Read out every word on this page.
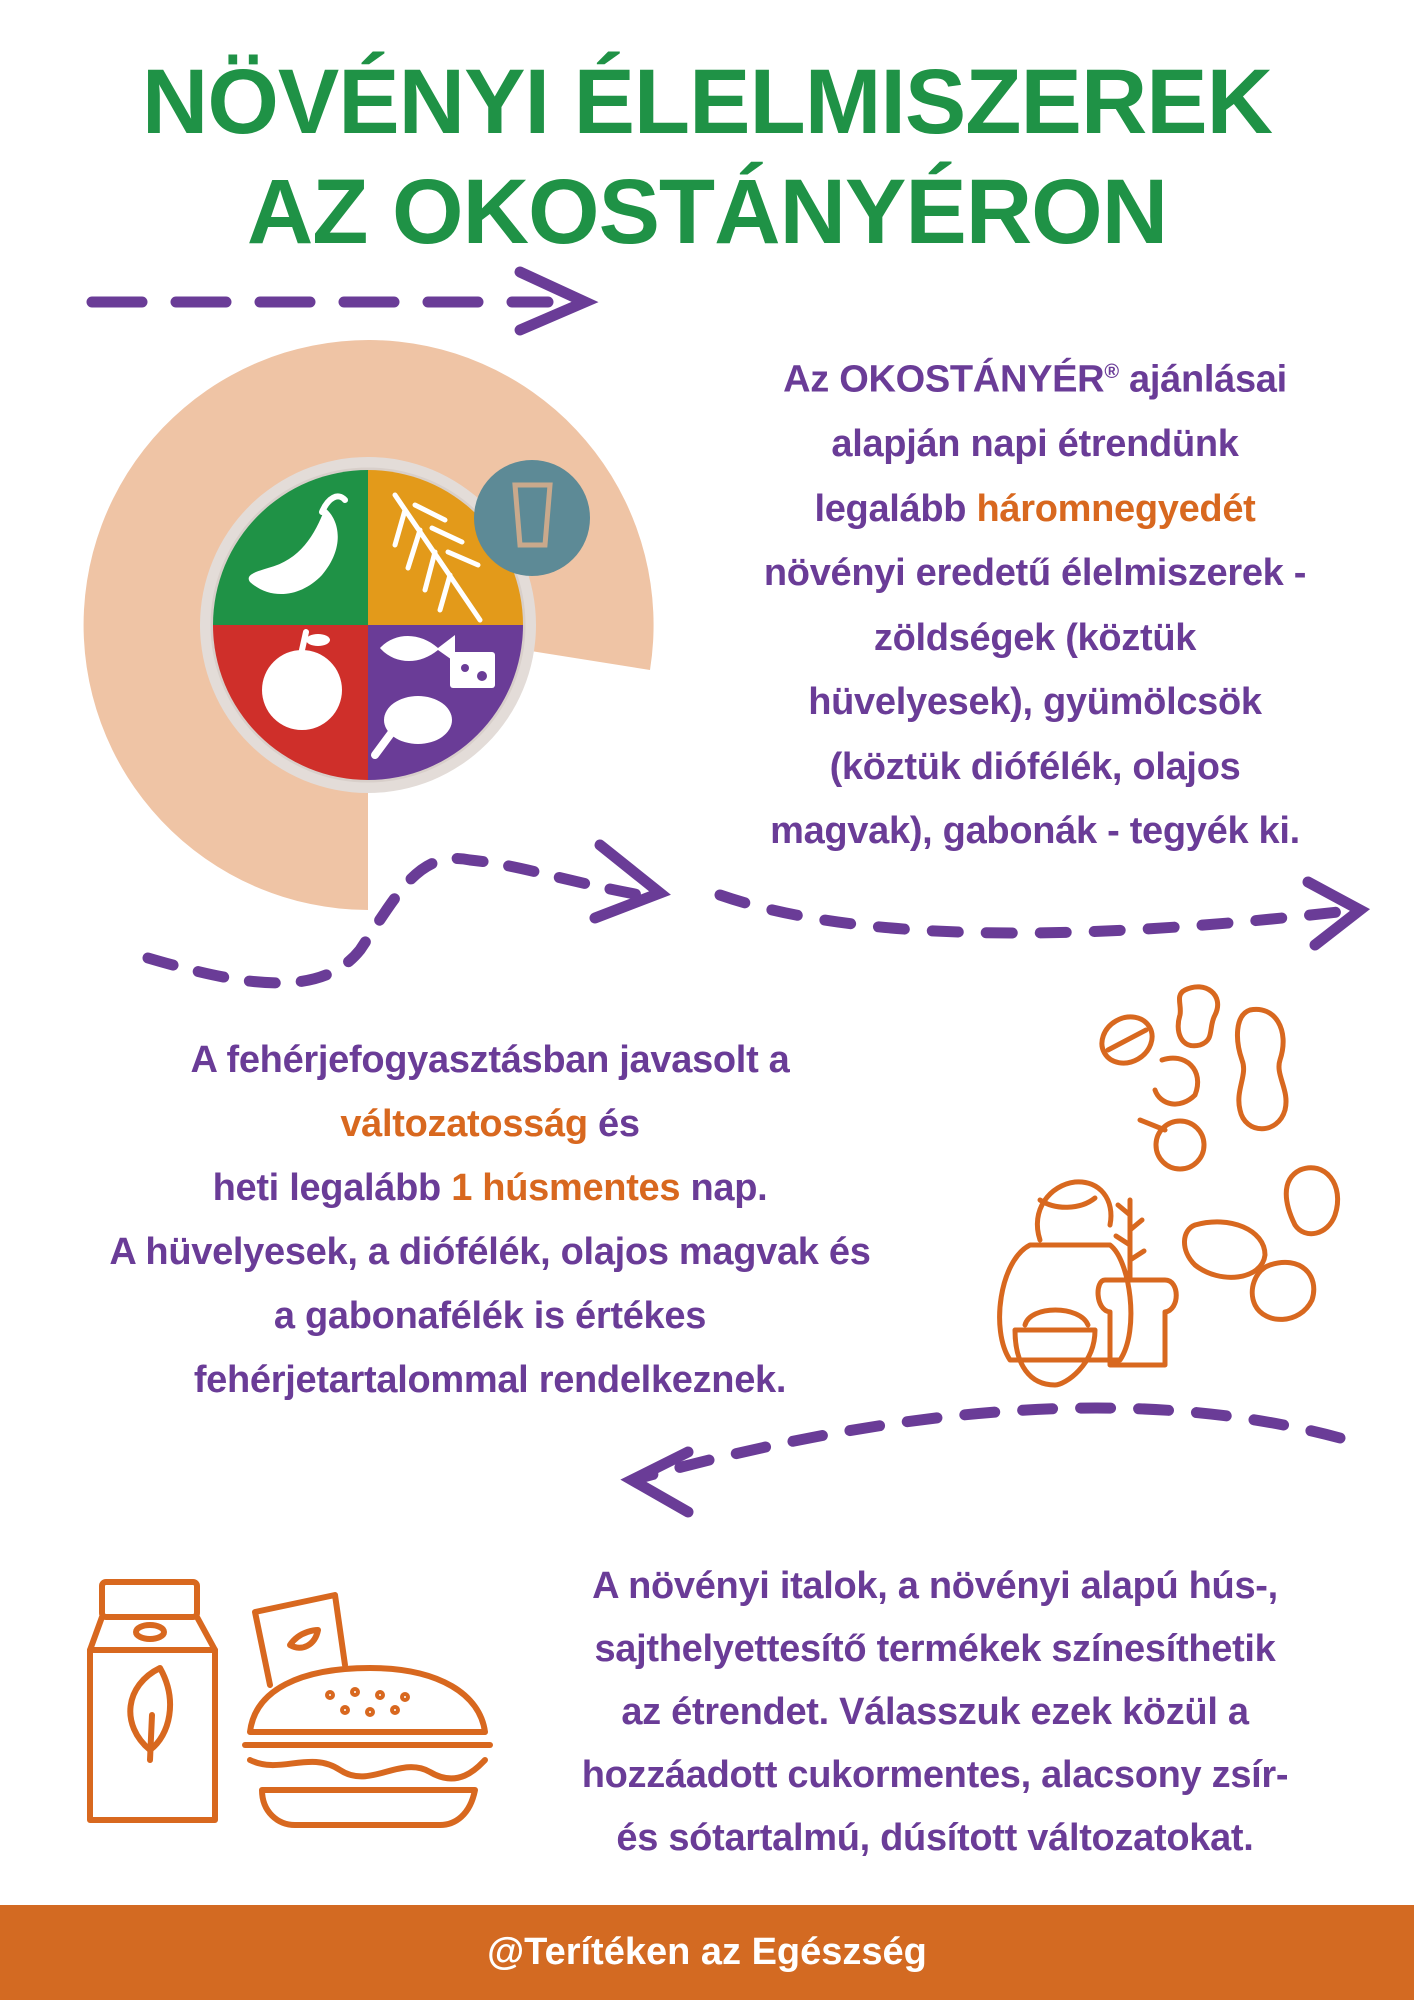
NÖVÉNYI ÉLELMISZEREK
AZ OKOSTÁNYÉRON
Az OKOSTÁNYÉR® ajánlásai
alapján napi étrendünk
legalább háromnegyedét
növényi eredetű élelmiszerek -
zöldségek (köztük
hüvelyesek), gyümölcsök
(köztük diófélék, olajos
magvak), gabonák - tegyék ki.
A fehérjefogyasztásban javasolt a
változatosság és
heti legalább 1 húsmentes nap.
A hüvelyesek, a diófélék, olajos magvak és
a gabonafélék is értékes
fehérjetartalommal rendelkeznek.
A növényi italok, a növényi alapú hús-,
sajthelyettesítő termékek színesíthetik
az étrendet. Válasszuk ezek közül a
hozzáadott cukormentes, alacsony zsír-
és sótartalmú, dúsított változatokat.
@Terítéken az Egészség
